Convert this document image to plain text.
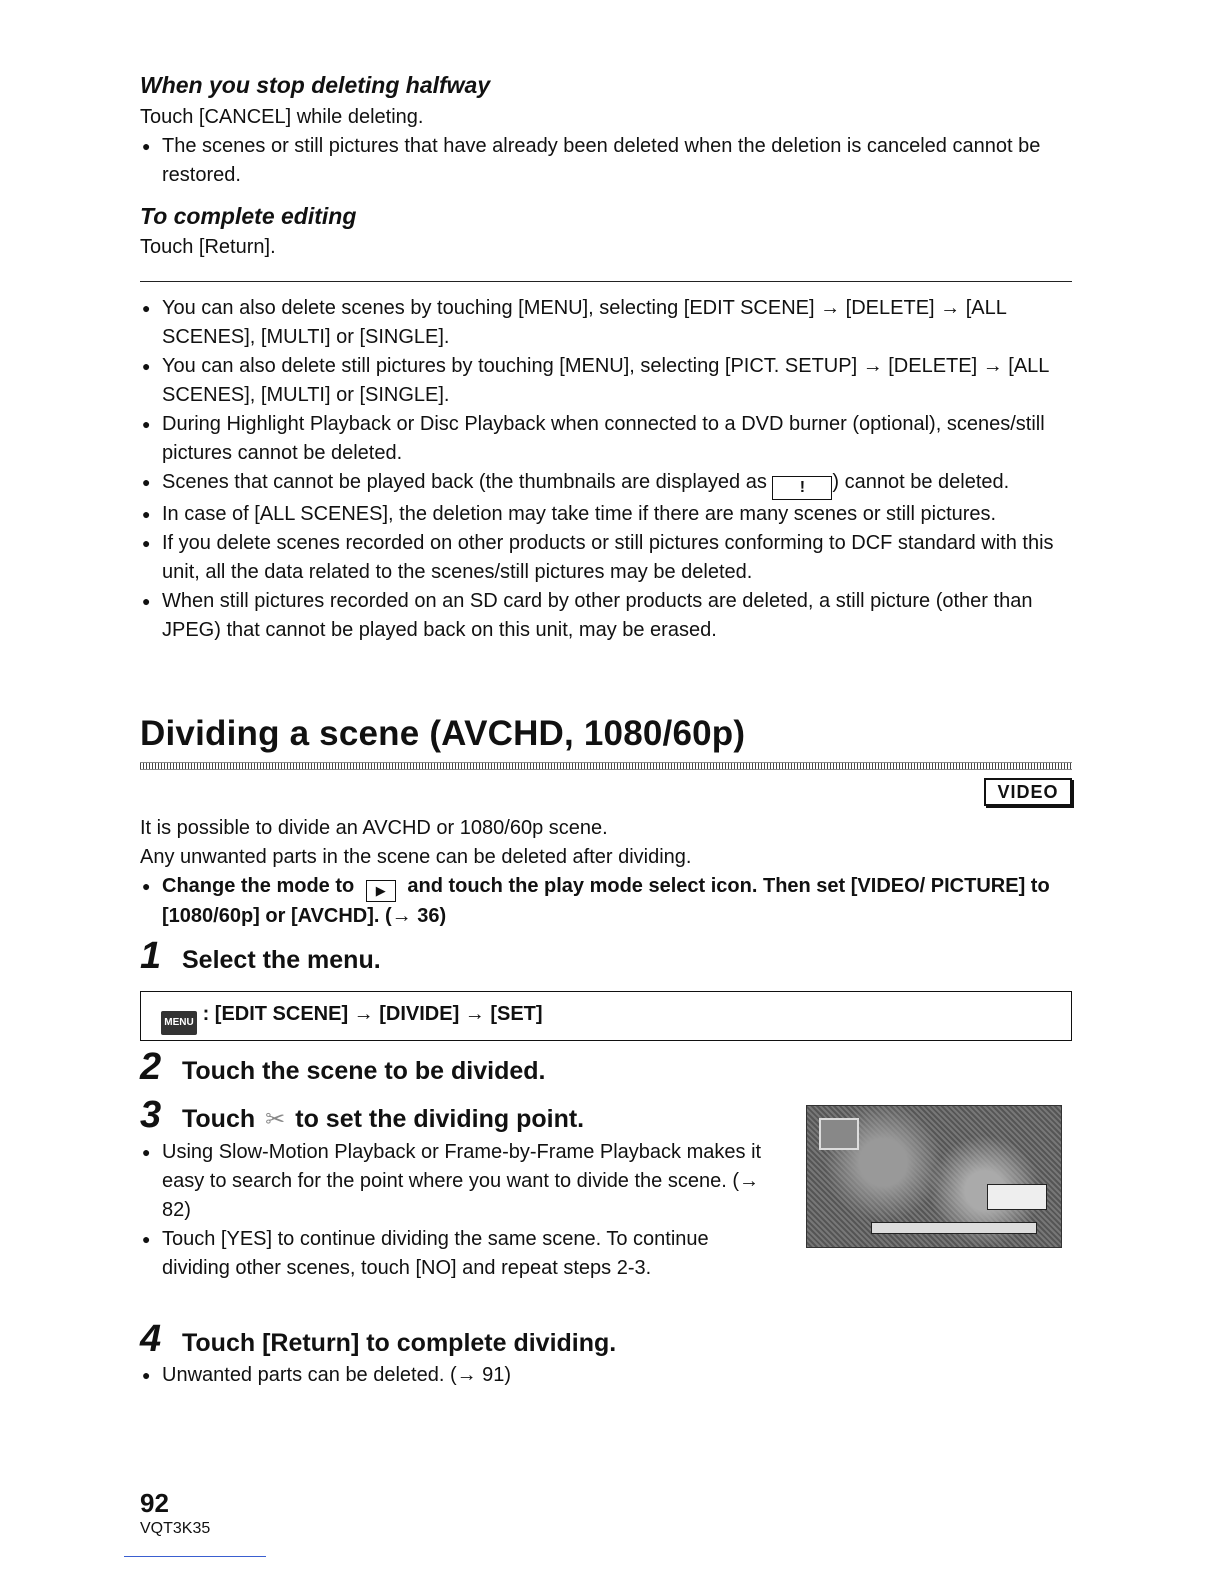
When you stop deleting halfway
Touch [CANCEL] while deleting.
● The scenes or still pictures that have already been deleted when the deletion is canceled cannot be restored.
To complete editing
Touch [Return].
● You can also delete scenes by touching [MENU], selecting [EDIT SCENE] → [DELETE] → [ALL SCENES], [MULTI] or [SINGLE].
● You can also delete still pictures by touching [MENU], selecting [PICT. SETUP] → [DELETE] → [ALL SCENES], [MULTI] or [SINGLE].
● During Highlight Playback or Disc Playback when connected to a DVD burner (optional), scenes/still pictures cannot be deleted.
● Scenes that cannot be played back (the thumbnails are displayed as ! ) cannot be deleted.
● In case of [ALL SCENES], the deletion may take time if there are many scenes or still pictures.
● If you delete scenes recorded on other products or still pictures conforming to DCF standard with this unit, all the data related to the scenes/still pictures may be deleted.
● When still pictures recorded on an SD card by other products are deleted, a still picture (other than JPEG) that cannot be played back on this unit, may be erased.
Dividing a scene (AVCHD, 1080/60p)
VIDEO
It is possible to divide an AVCHD or 1080/60p scene.
Any unwanted parts in the scene can be deleted after dividing.
● Change the mode to ▶ and touch the play mode select icon. Then set [VIDEO/ PICTURE] to [1080/60p] or [AVCHD]. (→ 36)
1 Select the menu.
MENU : [EDIT SCENE] → [DIVIDE] → [SET]
2 Touch the scene to be divided.
3 Touch ✂ to set the dividing point.
● Using Slow-Motion Playback or Frame-by-Frame Playback makes it easy to search for the point where you want to divide the scene. (→ 82)
● Touch [YES] to continue dividing the same scene. To continue dividing other scenes, touch [NO] and repeat steps 2-3.
4 Touch [Return] to complete dividing.
● Unwanted parts can be deleted. (→ 91)
92
VQT3K35
